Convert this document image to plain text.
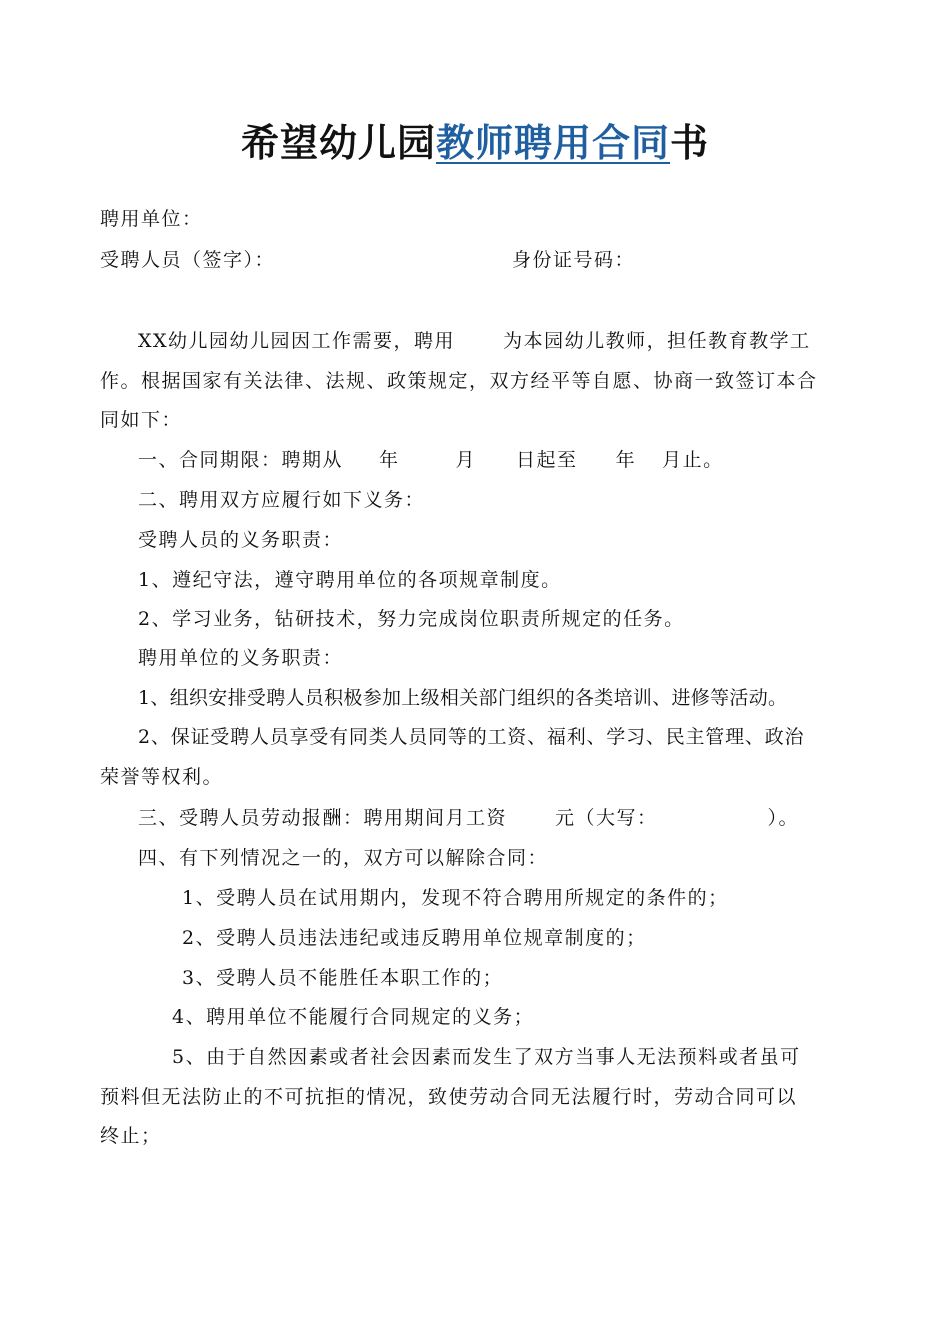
希望幼儿园教师聘用合同书
聘用单位：
受聘人员（签字）：	身份证号码：
XX幼儿园幼儿园因工作需要，聘用	为本园幼儿教师，担任教育教学工
作。根据国家有关法律、法规、政策规定，双方经平等自愿、协商一致签订本合
同如下：
一、合同期限：聘期从 年	月 日起至 年 月止。
二、聘用双方应履行如下义务：
受聘人员的义务职责：
1、遵纪守法，遵守聘用单位的各项规章制度。
2、学习业务，钻研技术，努力完成岗位职责所规定的任务。
聘用单位的义务职责：
1、组织安排受聘人员积极参加上级相关部门组织的各类培训、进修等活动。
2、保证受聘人员享受有同类人员同等的工资、福利、学习、民主管理、政治
荣誉等权利。
三、受聘人员劳动报酬：聘用期间月工资	元（大写：	）。
四、有下列情况之一的，双方可以解除合同：
1、受聘人员在试用期内，发现不符合聘用所规定的条件的；
2、受聘人员违法违纪或违反聘用单位规章制度的；
3、受聘人员不能胜任本职工作的；
4、聘用单位不能履行合同规定的义务；
5、由于自然因素或者社会因素而发生了双方当事人无法预料或者虽可
预料但无法防止的不可抗拒的情况，致使劳动合同无法履行时，劳动合同可以
终止；
